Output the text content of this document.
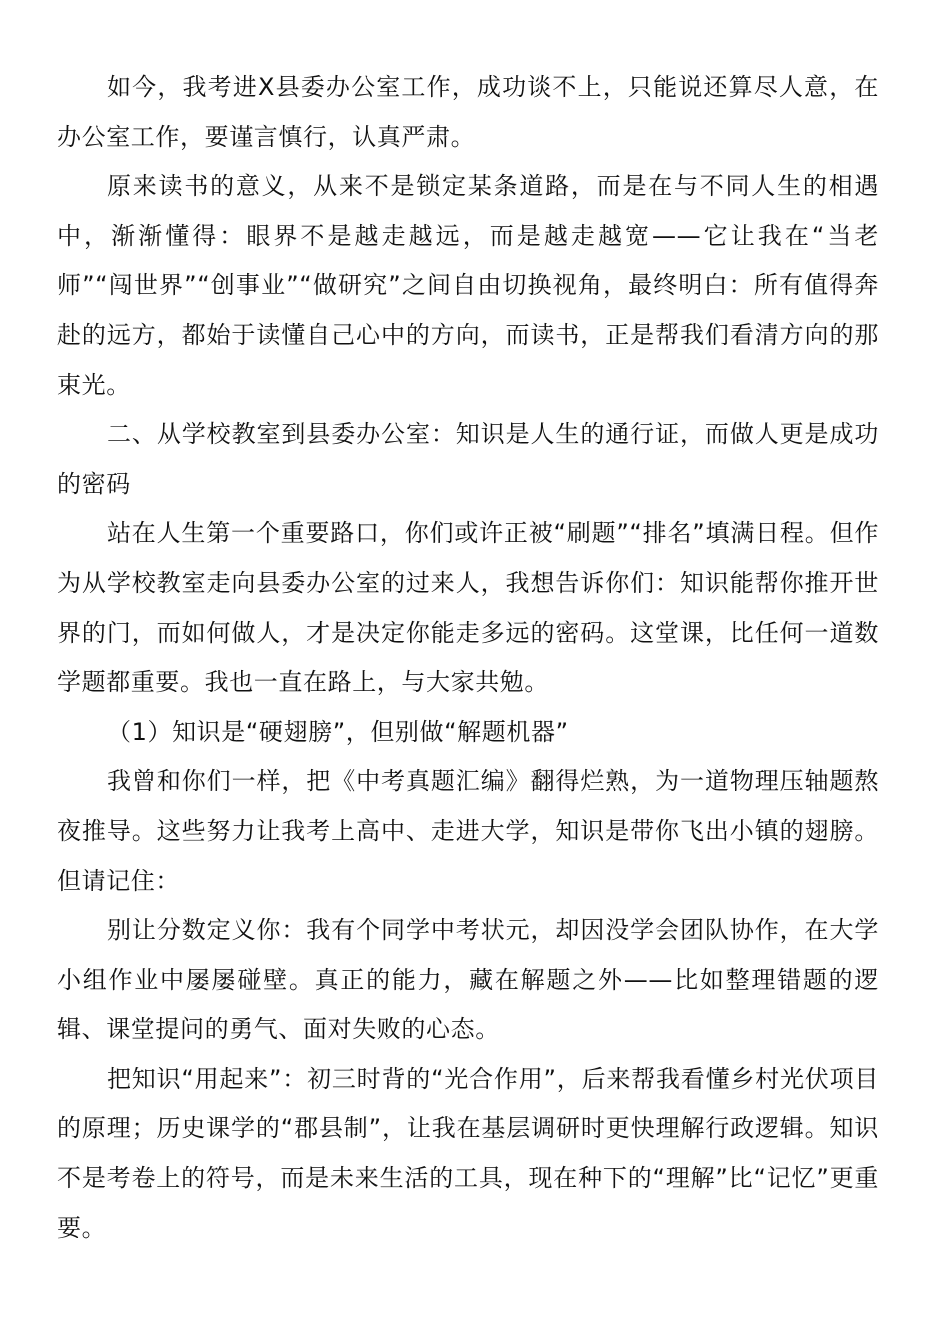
如今，我考进X县委办公室工作，成功谈不上，只能说还算尽人意，在办公室工作，要谨言慎行，认真严肃。

原来读书的意义，从来不是锁定某条道路，而是在与不同人生的相遇中，渐渐懂得：眼界不是越走越远，而是越走越宽——它让我在“当老师”“闯世界”“创事业”“做研究”之间自由切换视角，最终明白：所有值得奔赴的远方，都始于读懂自己心中的方向，而读书，正是帮我们看清方向的那束光。

二、从学校教室到县委办公室：知识是人生的通行证，而做人更是成功的密码

站在人生第一个重要路口，你们或许正被“刷题”“排名”填满日程。但作为从学校教室走向县委办公室的过来人，我想告诉你们：知识能帮你推开世界的门，而如何做人，才是决定你能走多远的密码。这堂课，比任何一道数学题都重要。我也一直在路上，与大家共勉。

（1）知识是“硬翅膀”，但别做“解题机器”

我曾和你们一样，把《中考真题汇编》翻得烂熟，为一道物理压轴题熬夜推导。这些努力让我考上高中、走进大学，知识是带你飞出小镇的翅膀。但请记住：

别让分数定义你：我有个同学中考状元，却因没学会团队协作，在大学小组作业中屡屡碰壁。真正的能力，藏在解题之外——比如整理错题的逻辑、课堂提问的勇气、面对失败的心态。

把知识“用起来”：初三时背的“光合作用”，后来帮我看懂乡村光伏项目的原理；历史课学的“郡县制”，让我在基层调研时更快理解行政逻辑。知识不是考卷上的符号，而是未来生活的工具，现在种下的“理解”比“记忆”更重要。
